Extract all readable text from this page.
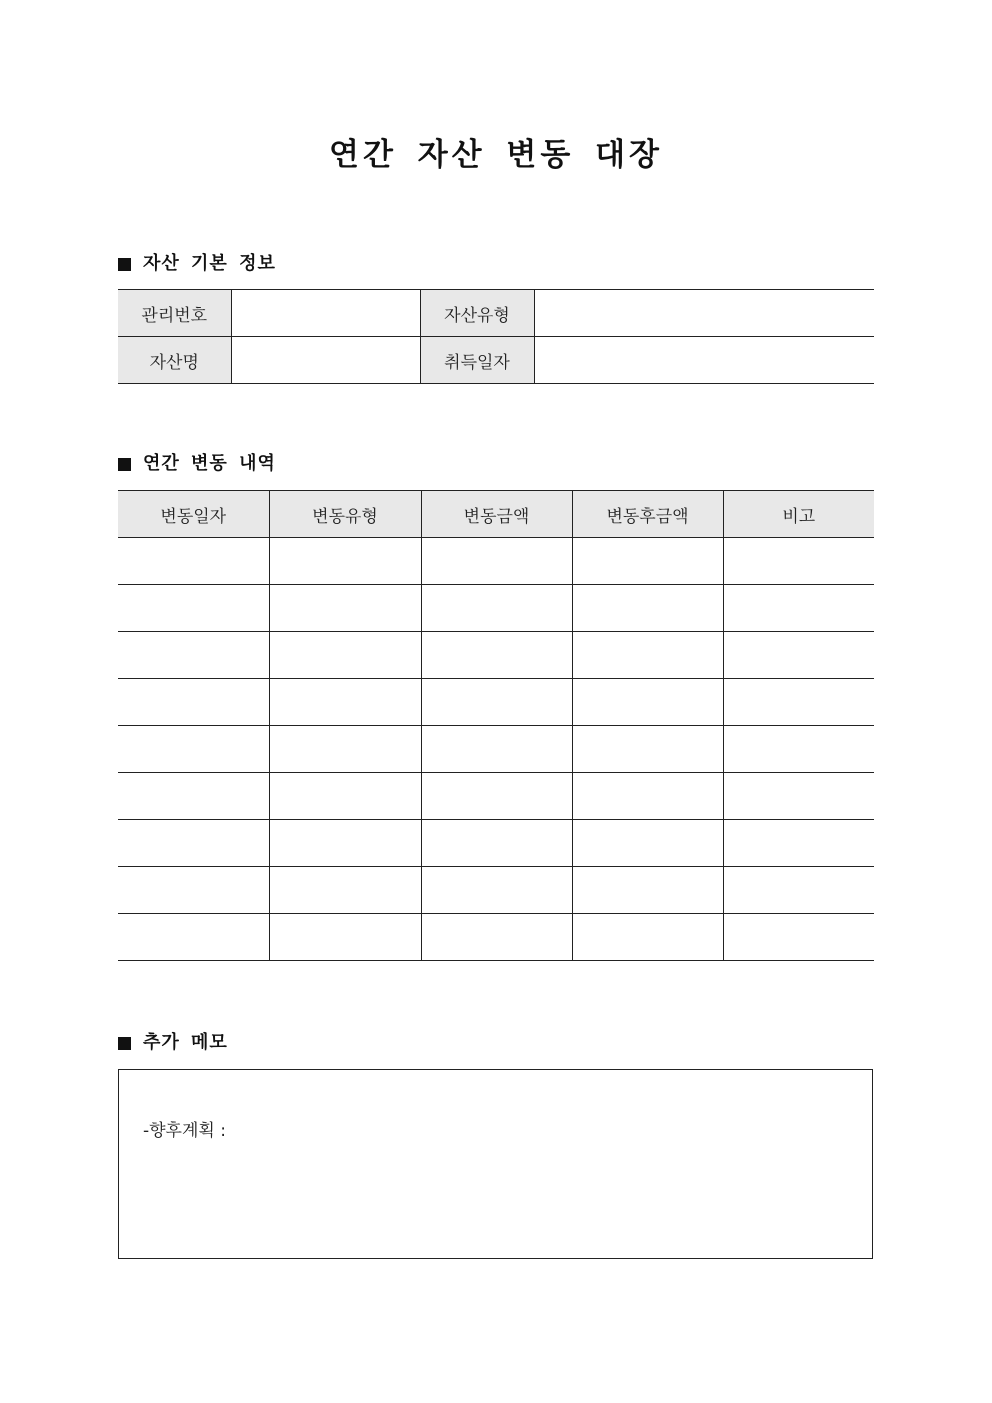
연간 자산 변동 대장
자산 기본 정보
관리번호		자산유형	
자산명		취득일자	
연간 변동 내역
변동일자	변동유형	변동금액	변동후금액	비고

추가 메모
-향후계획 :
